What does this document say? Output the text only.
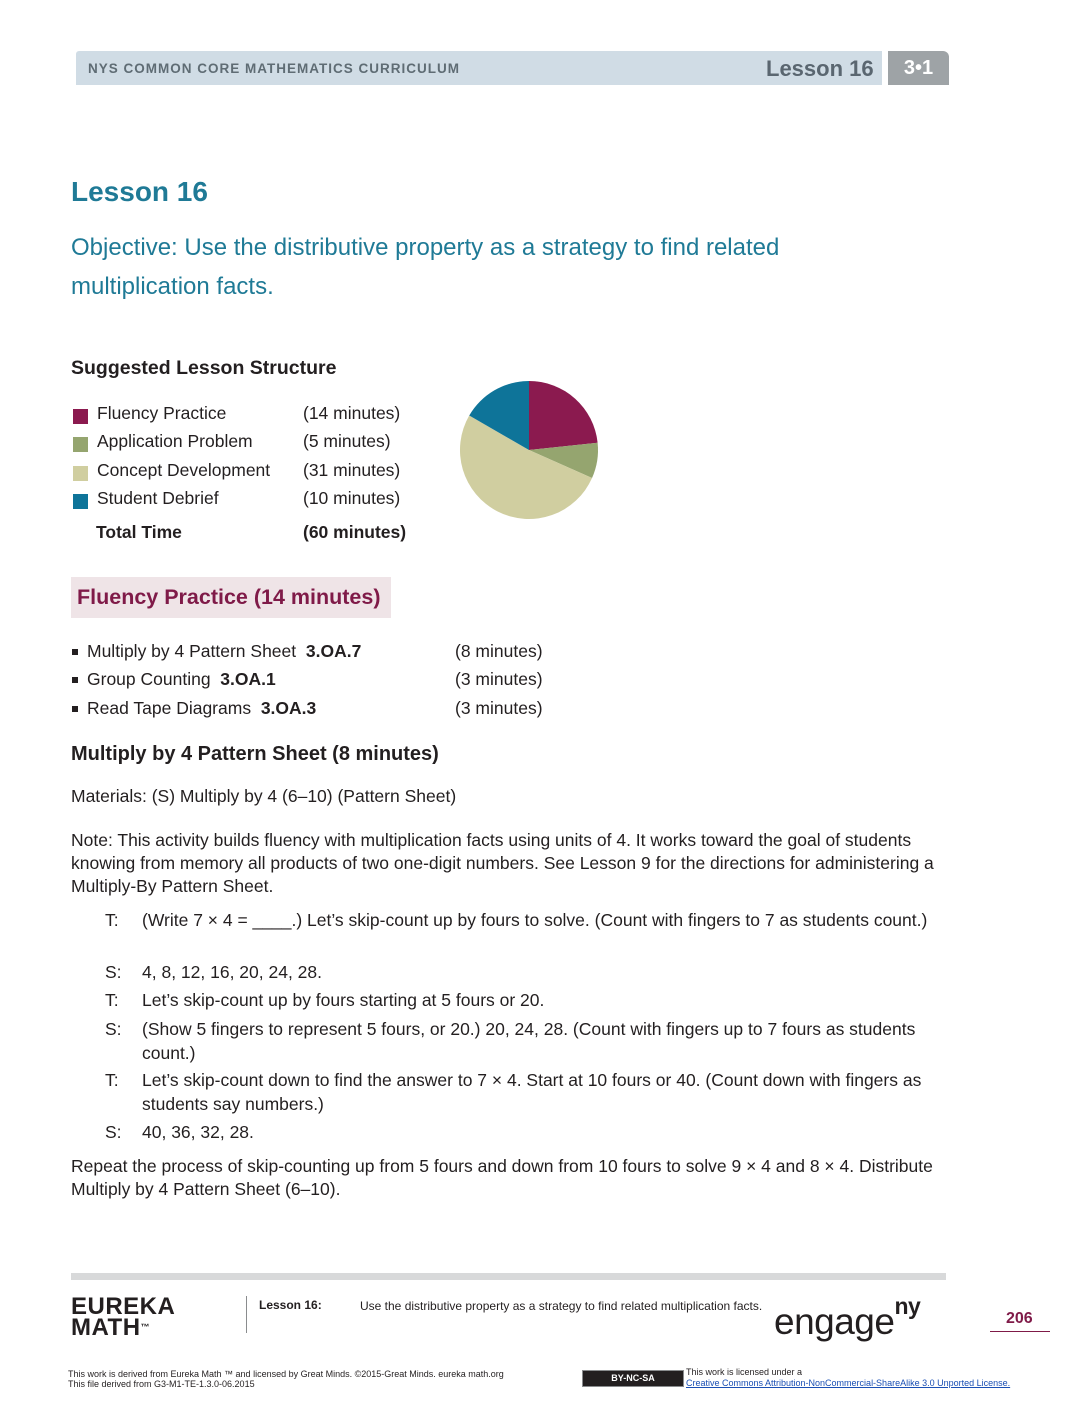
NYS COMMON CORE MATHEMATICS CURRICULUM	Lesson 16	3•1
Lesson 16
Objective: Use the distributive property as a strategy to find related multiplication facts.
Suggested Lesson Structure
Fluency Practice	(14 minutes)
Application Problem	(5 minutes)
Concept Development (31 minutes)
Student Debrief	(10 minutes)
Total Time	(60 minutes)
Fluency Practice (14 minutes)
Multiply by 4 Pattern Sheet 3.OA.7	(8 minutes)
Group Counting 3.OA.1	(3 minutes)
Read Tape Diagrams 3.OA.3	(3 minutes)
Multiply by 4 Pattern Sheet (8 minutes)
Materials: (S) Multiply by 4 (6–10) (Pattern Sheet)
Note: This activity builds fluency with multiplication facts using units of 4. It works toward the goal of students knowing from memory all products of two one-digit numbers. See Lesson 9 for the directions for administering a Multiply-By Pattern Sheet.
T: (Write 7 × 4 = ____.) Let’s skip-count up by fours to solve. (Count with fingers to 7 as students count.)
S: 4, 8, 12, 16, 20, 24, 28.
T: Let’s skip-count up by fours starting at 5 fours or 20.
S: (Show 5 fingers to represent 5 fours, or 20.) 20, 24, 28. (Count with fingers up to 7 fours as students count.)
T: Let’s skip-count down to find the answer to 7 × 4. Start at 10 fours or 40. (Count down with fingers as students say numbers.)
S: 40, 36, 32, 28.
Repeat the process of skip-counting up from 5 fours and down from 10 fours to solve 9 × 4 and 8 × 4. Distribute Multiply by 4 Pattern Sheet (6–10).
EUREKA
MATH™
Lesson 16:	Use the distributive property as a strategy to find related multiplication facts. engage$^{ny}$	206
This work is derived from Eureka Math ™ and licensed by Great Minds. ©2015-Great Minds. eureka math.org
This file derived from G3-M1-TE-1.3.0-06.2015
BY-NC-SA
This work is licensed under a
Creative Commons Attribution-NonCommercial-ShareAlike 3.0 Unported License.
